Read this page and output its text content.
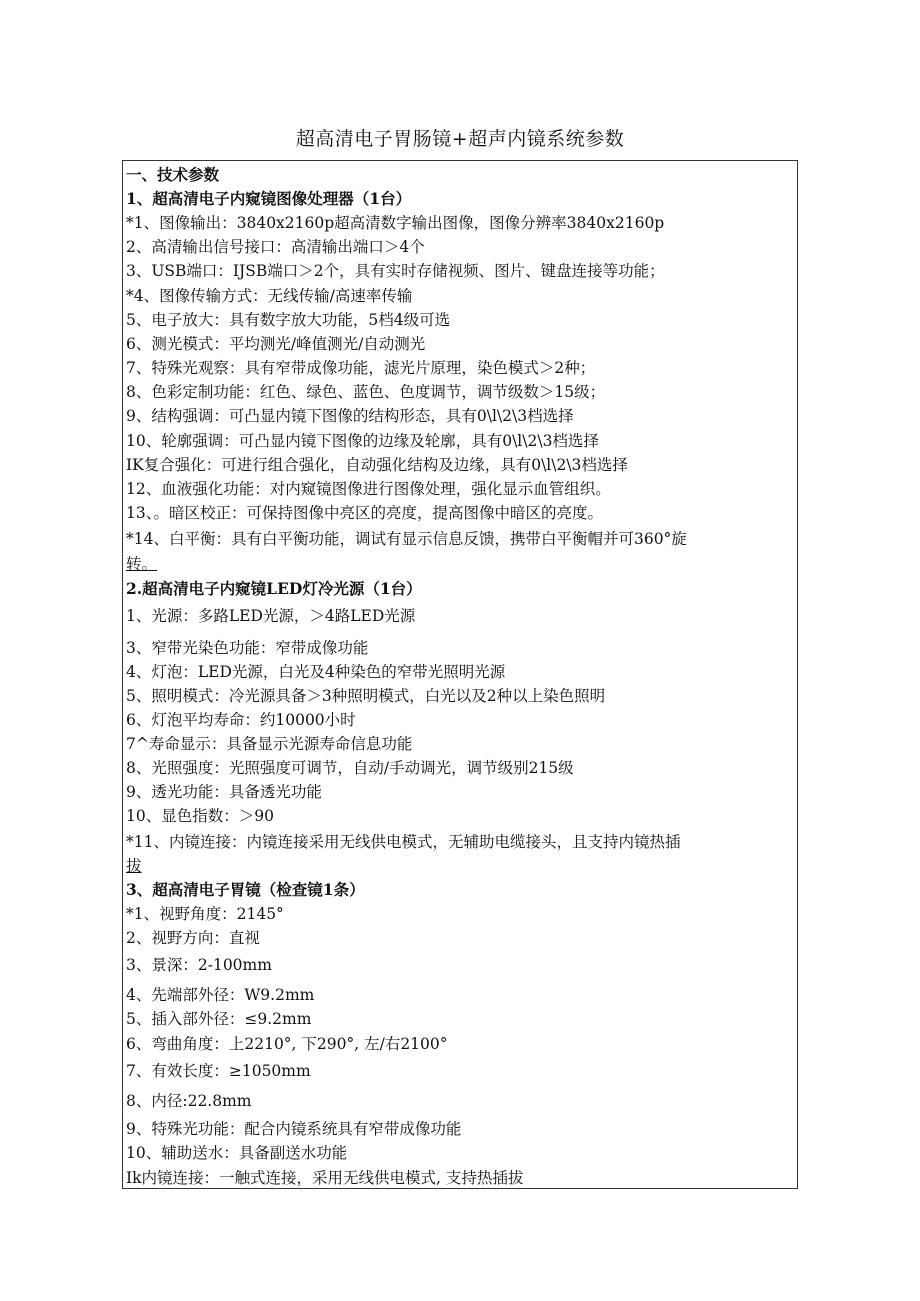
超高清电子胃肠镜+超声内镜系统参数
一、技术参数
1、超高清电子内窥镜图像处理器（1台）
*1、图像输出：3840x2160p超高清数字输出图像，图像分辨率3840x2160p
2、高清输出信号接口：高清输出端口＞4个
3、USB端口：IJSB端口＞2个，具有实时存储视频、图片、键盘连接等功能；
*4、图像传输方式：无线传输/高速率传输
5、电子放大：具有数字放大功能，5档4级可选
6、测光模式：平均测光/峰值测光/自动测光
7、特殊光观察：具有窄带成像功能，滤光片原理，染色模式＞2种；
8、色彩定制功能：红色、绿色、蓝色、色度调节，调节级数＞15级；
9、结构强调：可凸显内镜下图像的结构形态，具有0\l\2\3档选择
10、轮廓强调：可凸显内镜下图像的边缘及轮廓，具有0\l\2\3档选择
IK复合强化：可进行组合强化，自动强化结构及边缘，具有0\l\2\3档选择
12、血液强化功能：对内窥镜图像进行图像处理，强化显示血管组织。
13、。暗区校正：可保持图像中亮区的亮度，提高图像中暗区的亮度。
*14、白平衡：具有白平衡功能，调试有显示信息反馈，携带白平衡帽并可360°旋
转。
2.超高清电子内窥镜LED灯冷光源（1台）
1、光源：多路LED光源，＞4路LED光源
3、窄带光染色功能：窄带成像功能
4、灯泡：LED光源，白光及4种染色的窄带光照明光源
5、照明模式：冷光源具备＞3种照明模式，白光以及2种以上染色照明
6、灯泡平均寿命：约10000小时
7^寿命显示：具备显示光源寿命信息功能
8、光照强度：光照强度可调节，自动/手动调光，调节级别215级
9、透光功能：具备透光功能
10、显色指数：＞90
*11、内镜连接：内镜连接采用无线供电模式，无辅助电缆接头，且支持内镜热插
拔
3、超高清电子胃镜（检查镜1条）
*1、视野角度：2145°
2、视野方向：直视
3、景深：2-100mm
4、先端部外径：W9.2mm
5、插入部外径：≤9.2mm
6、弯曲角度：上2210°, 下290°, 左/右2100°
7、有效长度：≥1050mm
8、内径:22.8mm
9、特殊光功能：配合内镜系统具有窄带成像功能
10、辅助送水：具备副送水功能
Ik内镜连接：一触式连接，采用无线供电模式, 支持热插拔
